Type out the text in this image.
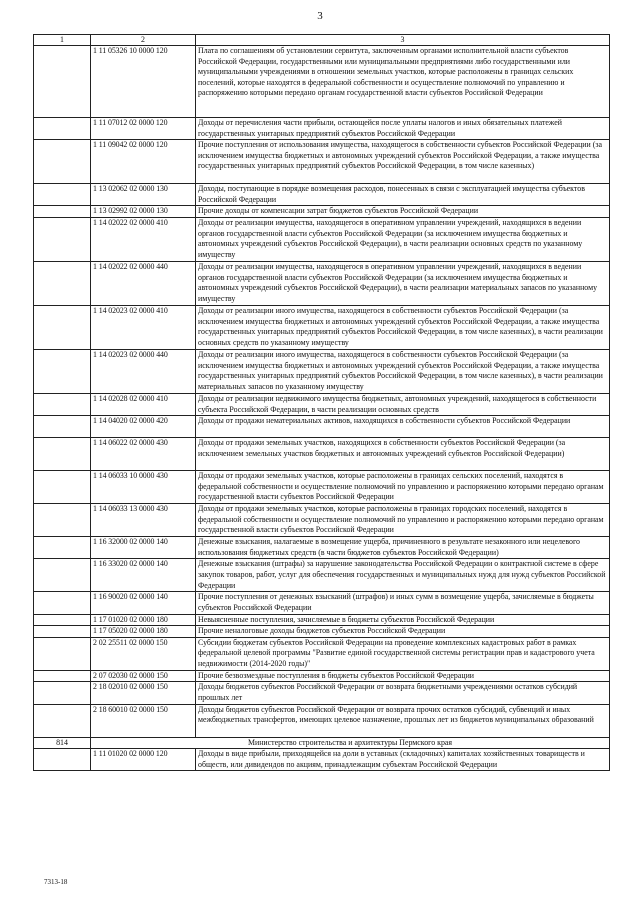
3
1	2	3
	1 11 05326 10 0000 120	Плата по соглашениям об установлении сервитута, заключенным органами исполнительной власти субъектов Российской Федерации, государственными или муниципальными предприятиями либо государственными или муниципальными учреждениями в отношении земельных участков, которые расположены в границах сельских поселений, которые находятся в федеральной собственности и осуществление полномочий по управлению и распоряжению которыми передано органам государственной власти субъектов Российской Федерации
	1 11 07012 02 0000 120	Доходы от перечисления части прибыли, остающейся после уплаты налогов и иных обязательных платежей государственных унитарных предприятий субъектов Российской Федерации
	1 11 09042 02 0000 120	Прочие поступления от использования имущества, находящегося в собственности субъектов Российской Федерации (за исключением имущества бюджетных и автономных учреждений субъектов Российской Федерации, а также имущества государственных унитарных предприятий субъектов Российской Федерации, в том числе казенных)
	1 13 02062 02 0000 130	Доходы, поступающие в порядке возмещения расходов, понесенных в связи с эксплуатацией имущества субъектов Российской Федерации
	1 13 02992 02 0000 130	Прочие доходы от компенсации затрат бюджетов субъектов Российской Федерации
	1 14 02022 02 0000 410	Доходы от реализации имущества, находящегося в оперативном управлении учреждений, находящихся в ведении органов государственной власти субъектов Российской Федерации (за исключением имущества бюджетных и автономных учреждений субъектов Российской Федерации), в части реализации основных средств по указанному имуществу
	1 14 02022 02 0000 440	Доходы от реализации имущества, находящегося в оперативном управлении учреждений, находящихся в ведении органов государственной власти субъектов Российской Федерации (за исключением имущества бюджетных и автономных учреждений субъектов Российской Федерации), в части реализации материальных запасов по указанному имуществу
	1 14 02023 02 0000 410	Доходы от реализации иного имущества, находящегося в собственности субъектов Российской Федерации (за исключением имущества бюджетных и автономных учреждений субъектов Российской Федерации, а также имущества государственных унитарных предприятий субъектов Российской Федерации, в том числе казенных), в части реализации основных средств по указанному имуществу
	1 14 02023 02 0000 440	Доходы от реализации иного имущества, находящегося в собственности субъектов Российской Федерации (за исключением имущества бюджетных и автономных учреждений субъектов Российской Федерации, а также имущества государственных унитарных предприятий субъектов Российской Федерации, в том числе казенных), в части реализации материальных запасов по указанному имуществу
	1 14 02028 02 0000 410	Доходы от реализации недвижимого имущества бюджетных, автономных учреждений, находящегося в собственности субъекта Российской Федерации, в части реализации основных средств
	1 14 04020 02 0000 420	Доходы от продажи нематериальных активов, находящихся в собственности субъектов Российской Федерации
	1 14 06022 02 0000 430	Доходы от продажи земельных участков, находящихся в собственности субъектов Российской Федерации (за исключением земельных участков бюджетных и автономных учреждений субъектов Российской Федерации)
	1 14 06033 10 0000 430	Доходы от продажи земельных участков, которые расположены в границах сельских поселений, находятся в федеральной собственности и осуществление полномочий по управлению и распоряжению которыми передано органам государственной власти субъектов Российской Федерации
	1 14 06033 13 0000 430	Доходы от продажи земельных участков, которые расположены в границах городских поселений, находятся в федеральной собственности и осуществление полномочий по управлению и распоряжению которыми передано органам государственной власти субъектов Российской Федерации
	1 16 32000 02 0000 140	Денежные взыскания, налагаемые в возмещение ущерба, причиненного в результате незаконного или нецелевого использования бюджетных средств (в части бюджетов субъектов Российской Федерации)
	1 16 33020 02 0000 140	Денежные взыскания (штрафы) за нарушение законодательства Российской Федерации о контрактной системе в сфере закупок товаров, работ, услуг для обеспечения государственных и муниципальных нужд для нужд субъектов Российской Федерации
	1 16 90020 02 0000 140	Прочие поступления от денежных взысканий (штрафов) и иных сумм в возмещение ущерба, зачисляемые в бюджеты субъектов Российской Федерации
	1 17 01020 02 0000 180	Невыясненные поступления, зачисляемые в бюджеты субъектов Российской Федерации
	1 17 05020 02 0000 180	Прочие неналоговые доходы бюджетов субъектов Российской Федерации
	2 02 25511 02 0000 150	Субсидии бюджетам субъектов Российской Федерации на проведение комплексных кадастровых работ в рамках федеральной целевой программы "Развитие единой государственной системы регистрации прав и кадастрового учета недвижимости (2014-2020 годы)"
	2 07 02030 02 0000 150	Прочие безвозмездные поступления в бюджеты субъектов Российской Федерации
	2 18 02010 02 0000 150	Доходы бюджетов субъектов Российской Федерации от возврата бюджетными учреждениями остатков субсидий прошлых лет
	2 18 60010 02 0000 150	Доходы бюджетов субъектов Российской Федерации от возврата прочих остатков субсидий, субвенций и иных межбюджетных трансфертов, имеющих целевое назначение, прошлых лет из бюджетов муниципальных образований
814	Министерство строительства и архитектуры Пермского края	
	1 11 01020 02 0000 120	Доходы в виде прибыли, приходящейся на доли в уставных (складочных) капиталах хозяйственных товариществ и обществ, или дивидендов по акциям, принадлежащим субъектам Российской Федерации
7313-18
